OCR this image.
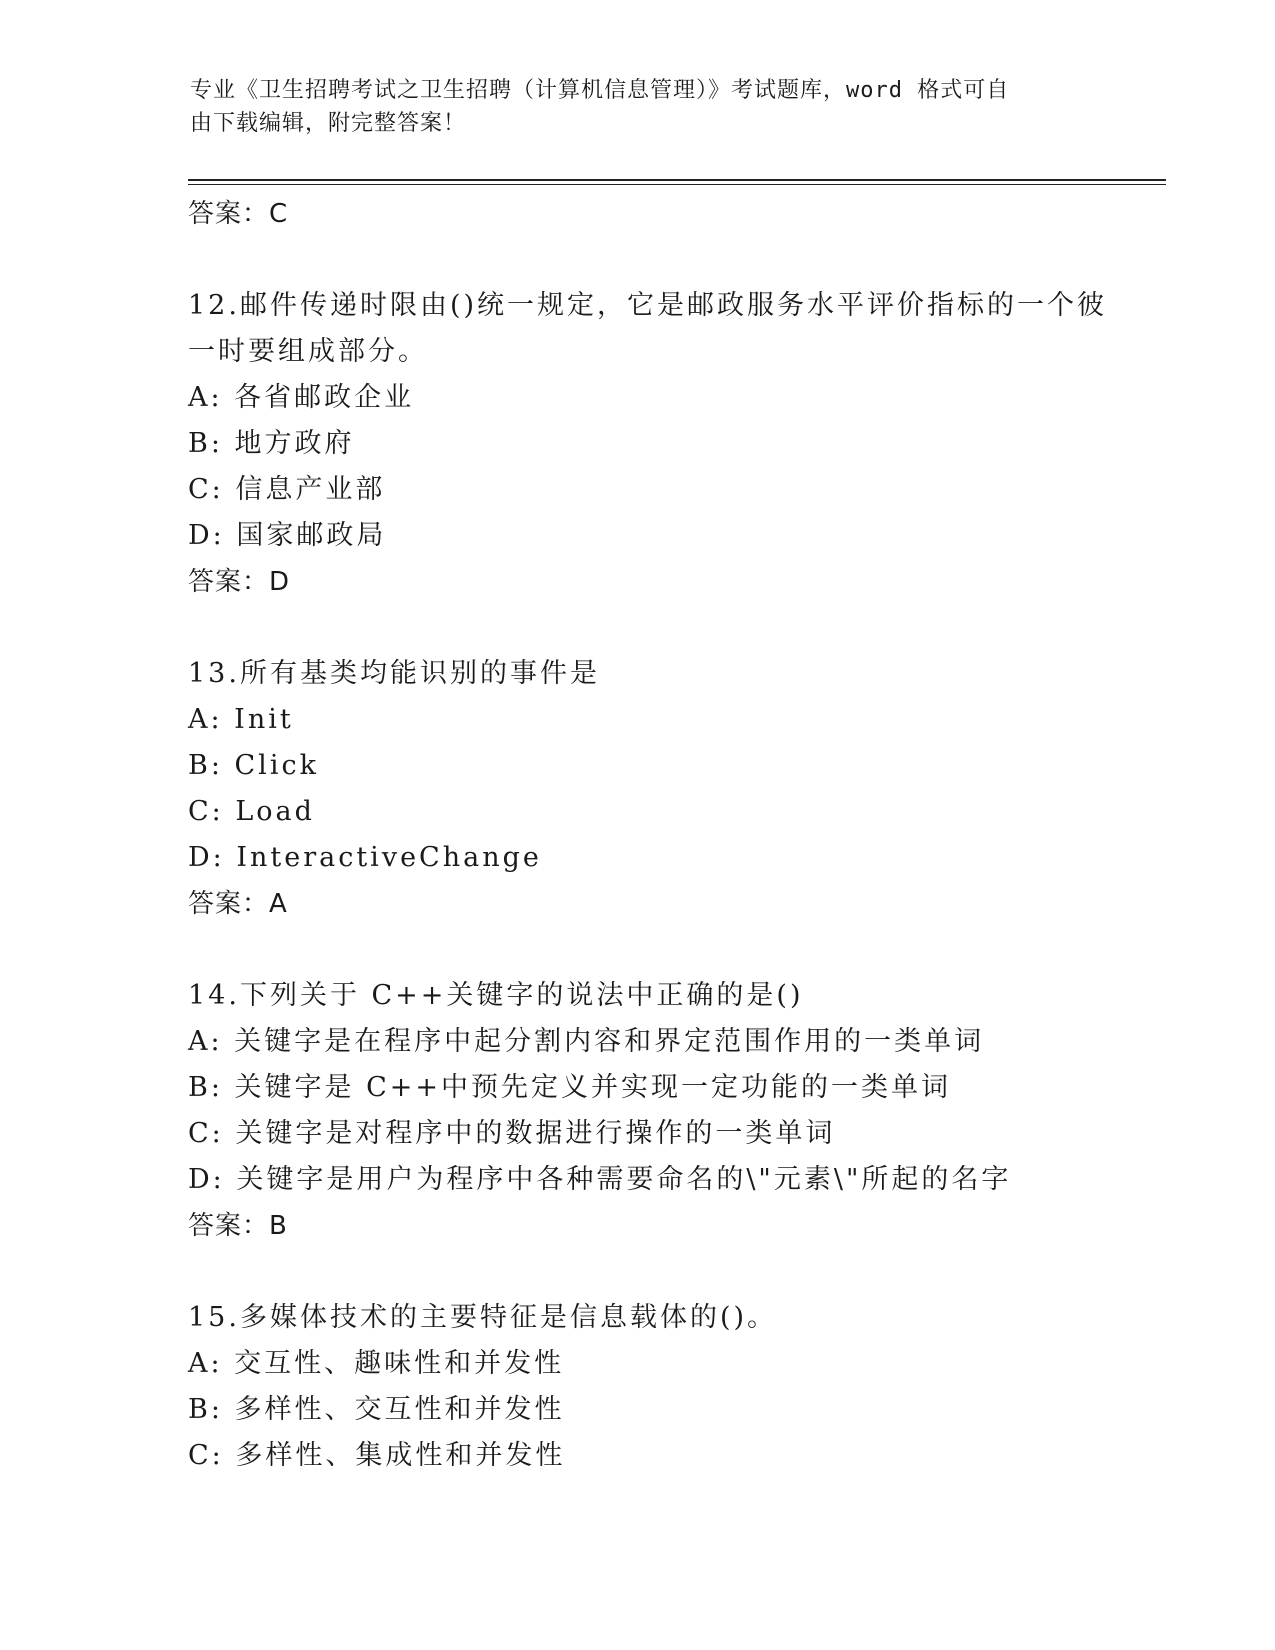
专业《卫生招聘考试之卫生招聘（计算机信息管理）》考试题库，word 格式可自
由下载编辑，附完整答案！
答案：C
12.邮件传递时限由()统一规定，它是邮政服务水平评价指标的一个彼
一时要组成部分。
A: 各省邮政企业
B: 地方政府
C: 信息产业部
D: 国家邮政局
答案：D
13.所有基类均能识别的事件是
A: Init
B: Click
C: Load
D: InteractiveChange
答案：A
14.下列关于 C++关键字的说法中正确的是()
A: 关键字是在程序中起分割内容和界定范围作用的一类单词
B: 关键字是 C++中预先定义并实现一定功能的一类单词
C: 关键字是对程序中的数据进行操作的一类单词
D: 关键字是用户为程序中各种需要命名的\"元素\"所起的名字
答案：B
15.多媒体技术的主要特征是信息载体的()。
A: 交互性、趣味性和并发性
B: 多样性、交互性和并发性
C: 多样性、集成性和并发性
